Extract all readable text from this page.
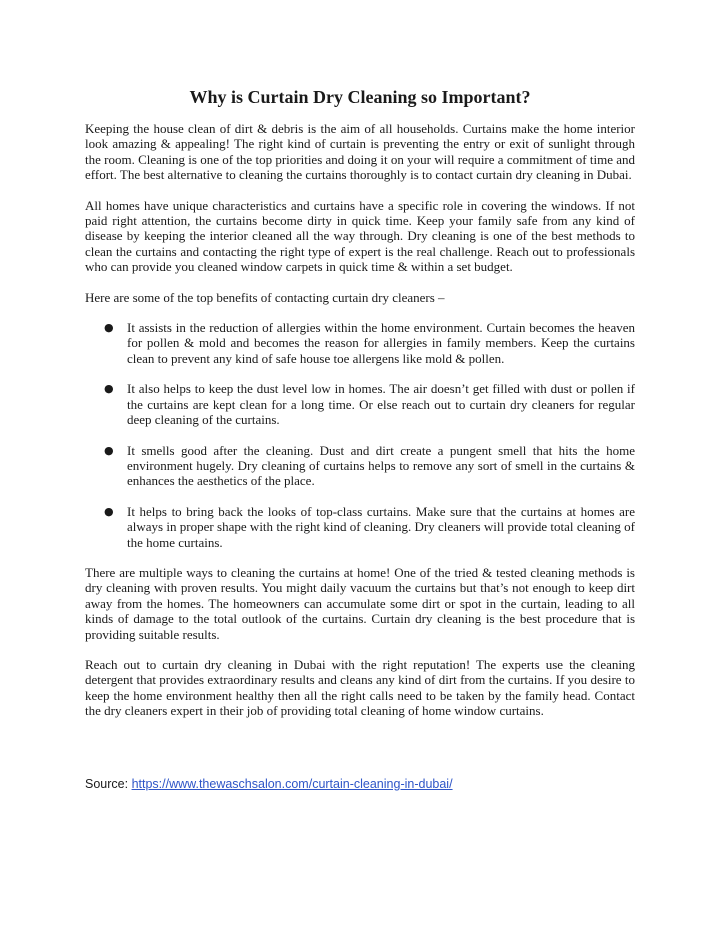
Why is Curtain Dry Cleaning so Important?

Keeping the house clean of dirt & debris is the aim of all households. Curtains make the home interior look amazing & appealing! The right kind of curtain is preventing the entry or exit of sunlight through the room. Cleaning is one of the top priorities and doing it on your will require a commitment of time and effort. The best alternative to cleaning the curtains thoroughly is to contact curtain dry cleaning in Dubai.

All homes have unique characteristics and curtains have a specific role in covering the windows. If not paid right attention, the curtains become dirty in quick time. Keep your family safe from any kind of disease by keeping the interior cleaned all the way through. Dry cleaning is one of the best methods to clean the curtains and contacting the right type of expert is the real challenge. Reach out to professionals who can provide you cleaned window carpets in quick time & within a set budget.

Here are some of the top benefits of contacting curtain dry cleaners –

● It assists in the reduction of allergies within the home environment. Curtain becomes the heaven for pollen & mold and becomes the reason for allergies in family members. Keep the curtains clean to prevent any kind of safe house toe allergens like mold & pollen.
● It also helps to keep the dust level low in homes. The air doesn’t get filled with dust or pollen if the curtains are kept clean for a long time. Or else reach out to curtain dry cleaners for regular deep cleaning of the curtains.
● It smells good after the cleaning. Dust and dirt create a pungent smell that hits the home environment hugely. Dry cleaning of curtains helps to remove any sort of smell in the curtains & enhances the aesthetics of the place.
● It helps to bring back the looks of top-class curtains. Make sure that the curtains at homes are always in proper shape with the right kind of cleaning. Dry cleaners will provide total cleaning of the home curtains.

There are multiple ways to cleaning the curtains at home! One of the tried & tested cleaning methods is dry cleaning with proven results. You might daily vacuum the curtains but that’s not enough to keep dirt away from the homes. The homeowners can accumulate some dirt or spot in the curtain, leading to all kinds of damage to the total outlook of the curtains. Curtain dry cleaning is the best procedure that is providing suitable results.

Reach out to curtain dry cleaning in Dubai with the right reputation! The experts use the cleaning detergent that provides extraordinary results and cleans any kind of dirt from the curtains. If you desire to keep the home environment healthy then all the right calls need to be taken by the family head. Contact the dry cleaners expert in their job of providing total cleaning of home window curtains.

Source: https://www.thewaschsalon.com/curtain-cleaning-in-dubai/
